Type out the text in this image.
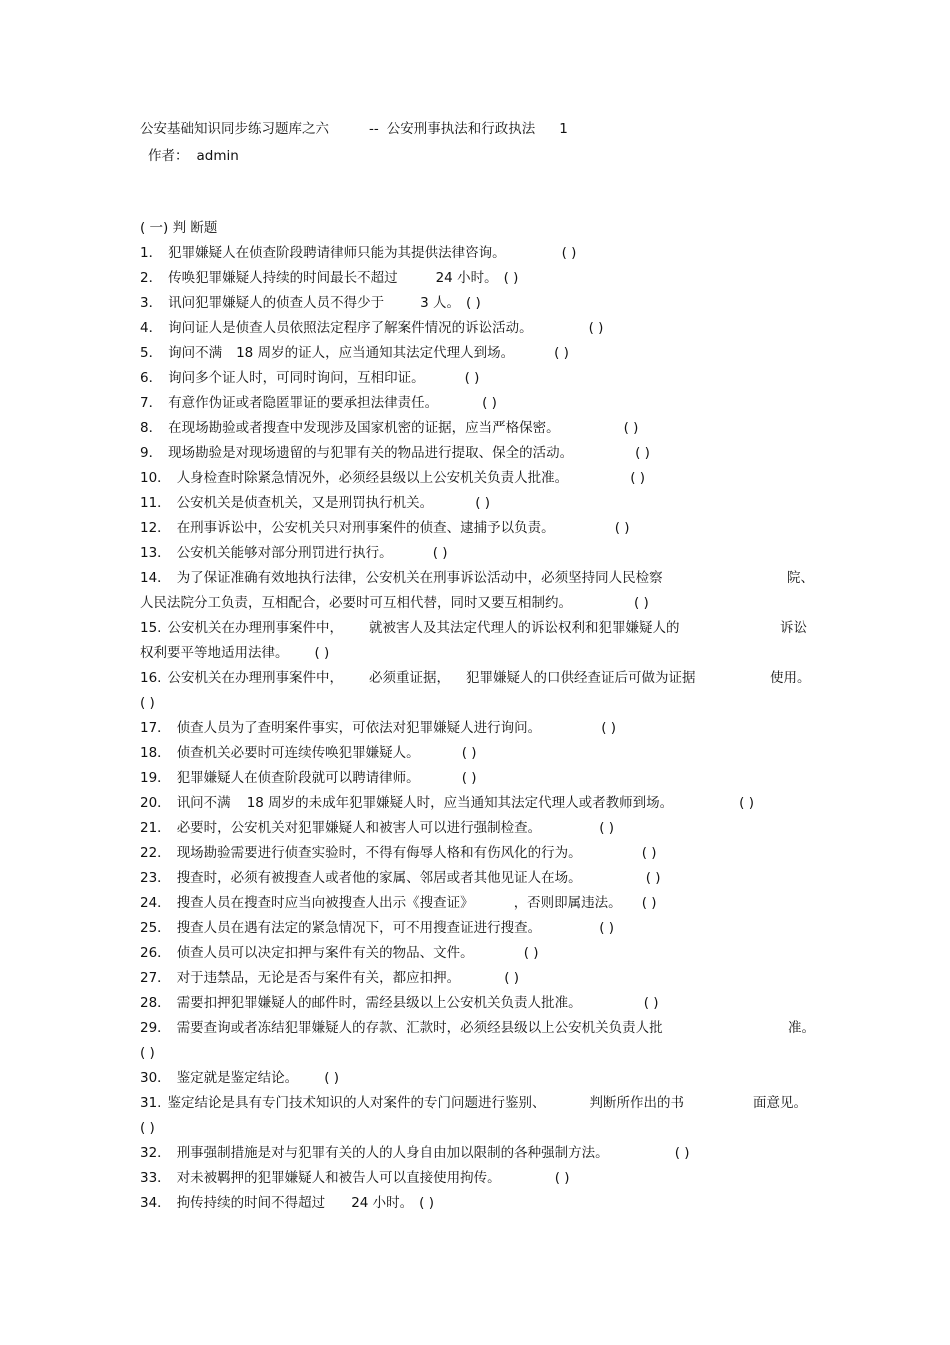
公安基础知识同步练习题库之六	-- 公安刑事执法和行政执法 1
作者： admin
( 一) 判 断题
1． 犯罪嫌疑人在侦查阶段聘请律师只能为其提供法律咨询。	( )
2． 传唤犯罪嫌疑人持续的时间最长不超过	24 小时。 ( )
3． 讯问犯罪嫌疑人的侦查人员不得少于	3 人。 ( )
4． 询问证人是侦查人员依照法定程序了解案件情况的诉讼活动。	( )
5． 询问不满 18 周岁的证人，应当通知其法定代理人到场。	( )
6． 询问多个证人时，可同时询问，互相印证。	( )
7． 有意作伪证或者隐匿罪证的要承担法律责任。	( )
8． 在现场勘验或者搜查中发现涉及国家机密的证据，应当严格保密。	( )
9． 现场勘验是对现场遗留的与犯罪有关的物品进行提取、保全的活动。	( )
10． 人身检查时除紧急情况外，必须经县级以上公安机关负责人批准。	( )
11． 公安机关是侦查机关，又是刑罚执行机关。	( )
12． 在刑事诉讼中，公安机关只对刑事案件的侦查、逮捕予以负责。	( )
13． 公安机关能够对部分刑罚进行执行。	( )
14． 为了保证准确有效地执行法律，公安机关在刑事诉讼活动中，必须坚持同人民检察	院、
人民法院分工负责，互相配合，必要时可互相代替，同时又要互相制约。	( )
15. 公安机关在办理刑事案件中， 就被害人及其法定代理人的诉讼权利和犯罪嫌疑人的	诉讼
权利要平等地适用法律。 ( )
16. 公安机关在办理刑事案件中， 必须重证据， 犯罪嫌疑人的口供经查证后可做为证据	使用。
( )
17． 侦查人员为了查明案件事实，可依法对犯罪嫌疑人进行询问。	( )
18． 侦查机关必要时可连续传唤犯罪嫌疑人。	( )
19． 犯罪嫌疑人在侦查阶段就可以聘请律师。	( )
20． 讯问不满 18 周岁的未成年犯罪嫌疑人时，应当通知其法定代理人或者教师到场。	( )
21． 必要时，公安机关对犯罪嫌疑人和被害人可以进行强制检查。	( )
22． 现场勘验需要进行侦查实验时，不得有侮辱人格和有伤风化的行为。	( )
23． 搜查时，必须有被搜查人或者他的家属、邻居或者其他见证人在场。	( )
24． 搜查人员在搜查时应当向被搜查人出示《搜查证》	，否则即属违法。 ( )
25． 搜查人员在遇有法定的紧急情况下，可不用搜查证进行搜查。	( )
26． 侦查人员可以决定扣押与案件有关的物品、文件。	( )
27． 对于违禁品，无论是否与案件有关，都应扣押。	( )
28． 需要扣押犯罪嫌疑人的邮件时，需经县级以上公安机关负责人批准。	( )
29． 需要查询或者冻结犯罪嫌疑人的存款、汇款时，必须经县级以上公安机关负责人批	准。
( )
30． 鉴定就是鉴定结论。 ( )
31. 鉴定结论是具有专门技术知识的人对案件的专门问题进行鉴别、	判断所作出的书	面意见。
( )
32． 刑事强制措施是对与犯罪有关的人的人身自由加以限制的各种强制方法。	( )
33． 对未被羁押的犯罪嫌疑人和被告人可以直接使用拘传。	( )
34． 拘传持续的时间不得超过 24 小时。 ( )
